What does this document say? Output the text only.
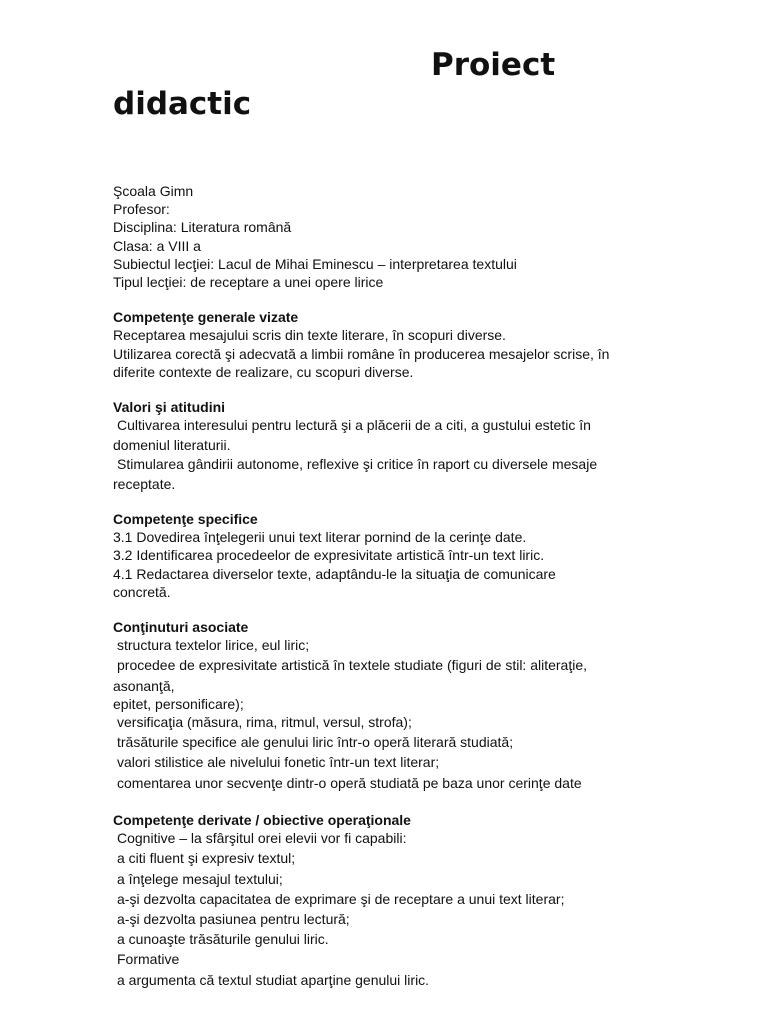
Proiect
didactic
Şcoala Gimn
Profesor:
Disciplina: Literatura română
Clasa: a VIII a
Subiectul lecţiei: Lacul de Mihai Eminescu – interpretarea textului
Tipul lecţiei: de receptare a unei opere lirice
Competenţe generale vizate
Receptarea mesajului scris din texte literare, în scopuri diverse.
Utilizarea corectă şi adecvată a limbii române în producerea mesajelor scrise, în
diferite contexte de realizare, cu scopuri diverse.
Valori şi atitudini
Cultivarea interesului pentru lectură şi a plăcerii de a citi, a gustului estetic în
domeniul literaturii.
Stimularea gândirii autonome, reflexive şi critice în raport cu diversele mesaje
receptate.
Competenţe specifice
3.1 Dovedirea înţelegerii unui text literar pornind de la cerinţe date.
3.2 Identificarea procedeelor de expresivitate artistică într-un text liric.
4.1 Redactarea diverselor texte, adaptându-le la situaţia de comunicare
concretă.
Conţinuturi asociate
structura textelor lirice, eul liric;
procedee de expresivitate artistică în textele studiate (figuri de stil: aliteraţie,
asonanţă,
epitet, personificare);
versificaţia (măsura, rima, ritmul, versul, strofa);
trăsăturile specifice ale genului liric într-o operă literară studiată;
valori stilistice ale nivelului fonetic într-un text literar;
comentarea unor secvenţe dintr-o operă studiată pe baza unor cerinţe date
Competenţe derivate / obiective operaţionale
Cognitive – la sfârşitul orei elevii vor fi capabili:
a citi fluent şi expresiv textul;
a înţelege mesajul textului;
a-şi dezvolta capacitatea de exprimare şi de receptare a unui text literar;
a-şi dezvolta pasiunea pentru lectură;
a cunoaşte trăsăturile genului liric.
Formative
a argumenta că textul studiat aparţine genului liric.
